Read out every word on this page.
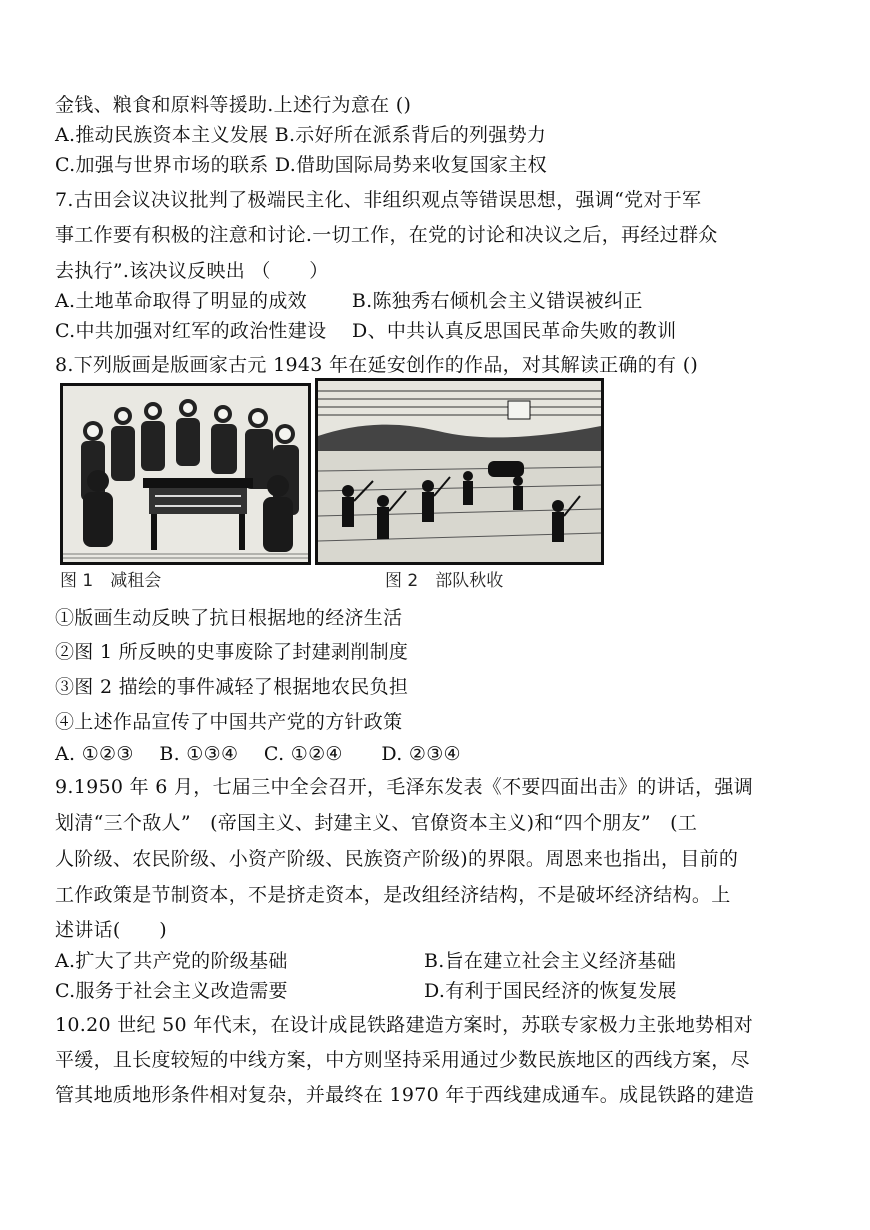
金钱、粮食和原料等援助.上述行为意在 ()
A.推动民族资本主义发展 B.示好所在派系背后的列强势力
C.加强与世界市场的联系 D.借助国际局势来收复国家主权
7.古田会议决议批判了极端民主化、非组织观点等错误思想，强调“党对于军
事工作要有积极的注意和讨论.一切工作，在党的讨论和决议之后，再经过群众
去执行”.该决议反映出 （　　）
A.土地革命取得了明显的成效　　 B.陈独秀右倾机会主义错误被纠正
C.中共加强对红军的政治性建设　 D、中共认真反思国民革命失败的教训
8.下列版画是版画家古元 1943 年在延安创作的作品，对其解读正确的有 ()
图 1　减租会	图 2　部队秋收
①版画生动反映了抗日根据地的经济生活
②图 1 所反映的史事废除了封建剥削制度
③图 2 描绘的事件减轻了根据地农民负担
④上述作品宣传了中国共产党的方针政策
A. ①②③　 B. ①③④　 C. ①②④　　D. ②③④
9.1950 年 6 月，七届三中全会召开，毛泽东发表《不要四面出击》的讲话，强调
划清“三个敌人”　(帝国主义、封建主义、官僚资本主义)和“四个朋友”　(工
人阶级、农民阶级、小资产阶级、民族资产阶级)的界限。周恩来也指出，目前的
工作政策是节制资本，不是挤走资本，是改组经济结构，不是破坏经济结构。上
述讲话(　　)
A.扩大了共产党的阶级基础	B.旨在建立社会主义经济基础
C.服务于社会主义改造需要	D.有利于国民经济的恢复发展
10.20 世纪 50 年代末，在设计成昆铁路建造方案时，苏联专家极力主张地势相对
平缓，且长度较短的中线方案，中方则坚持采用通过少数民族地区的西线方案，尽
管其地质地形条件相对复杂，并最终在 1970 年于西线建成通车。成昆铁路的建造
